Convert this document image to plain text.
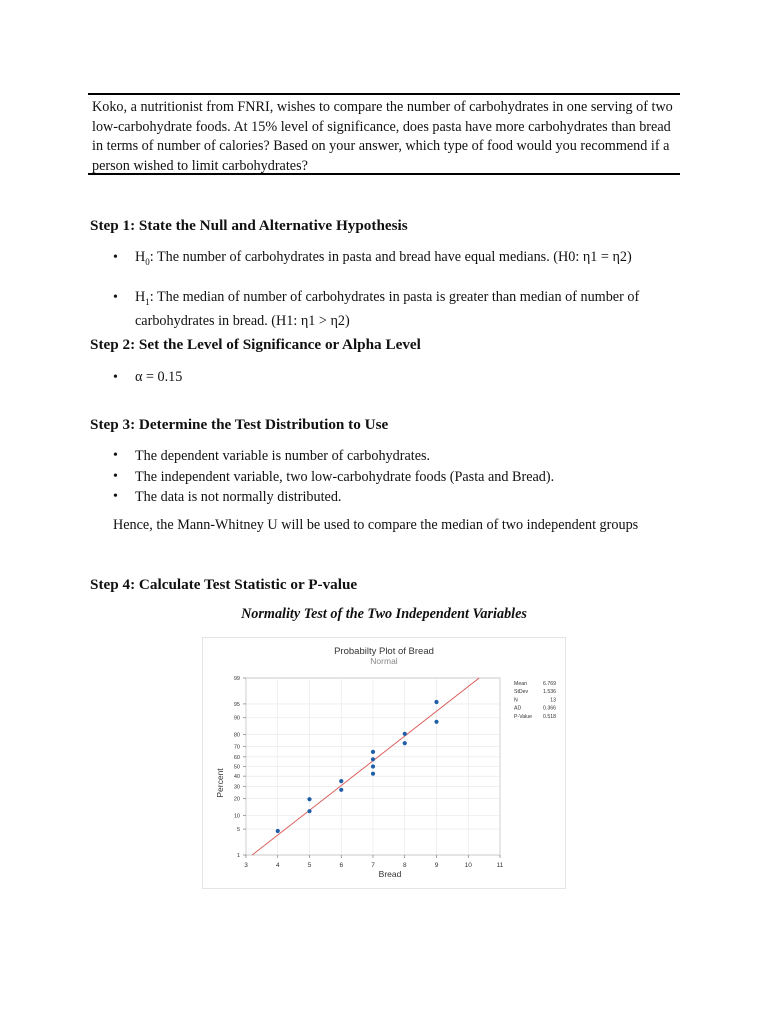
Koko, a nutritionist from FNRI, wishes to compare the number of carbohydrates in one serving of two low-carbohydrate foods. At 15% level of significance, does pasta have more carbohydrates than bread in terms of number of calories? Based on your answer, which type of food would you recommend if a person wished to limit carbohydrates?
Step 1: State the Null and Alternative Hypothesis
• $H_0$: The number of carbohydrates in pasta and bread have equal medians. (H0: η1 = η2)
• $H_1$: The median of number of carbohydrates in pasta is greater than median of number of carbohydrates in bread. (H1: η1 > η2)
Step 2: Set the Level of Significance or Alpha Level
• α = 0.15
Step 3: Determine the Test Distribution to Use
• The dependent variable is number of carbohydrates.
• The independent variable, two low-carbohydrate foods (Pasta and Bread).
• The data is not normally distributed.
Hence, the Mann-Whitney U will be used to compare the median of two independent groups
Step 4: Calculate Test Statistic or P-value
Normality Test of the Two Independent Variables
Probabilty Plot of Bread
Normal
3	4	5	6	7	8	9	10	11
1
5
10
20
30
40
50
60
70
80
90
95
99
Mean	6.769
StDev	1.536
N	13
AD	0.366
P-Value 0.518
Bread
Percent
